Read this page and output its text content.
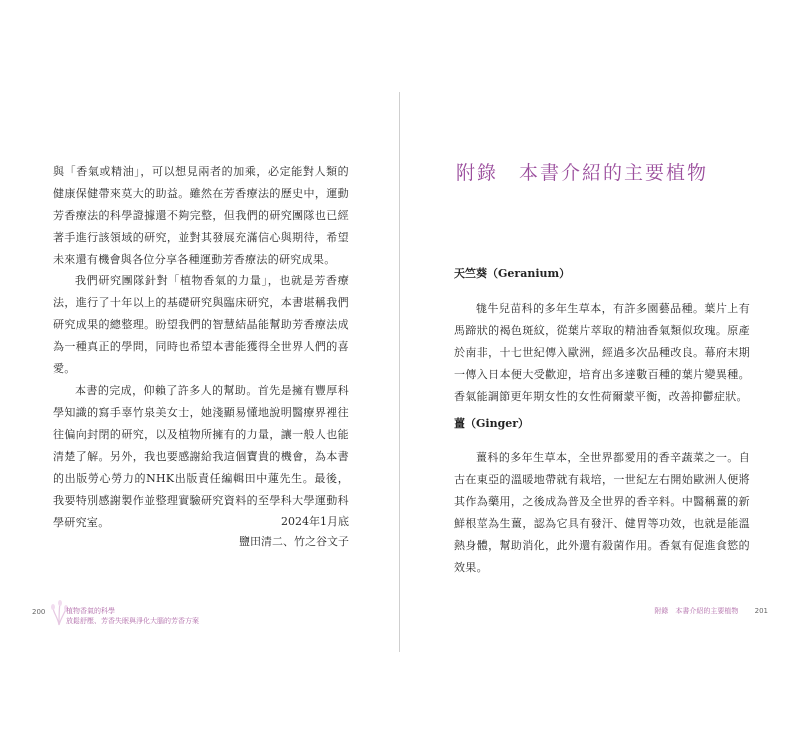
與「香氣或精油」，可以想見兩者的加乘，必定能對人類的健康保健帶來莫大的助益。雖然在芳香療法的歷史中，運動芳香療法的科學證據還不夠完整，但我們的研究團隊也已經著手進行該領域的研究，並對其發展充滿信心與期待，希望未來還有機會與各位分享各種運動芳香療法的研究成果。

我們研究團隊針對「植物香氣的力量」，也就是芳香療法，進行了十年以上的基礎研究與臨床研究，本書堪稱我們研究成果的總整理。盼望我們的智慧結晶能幫助芳香療法成為一種真正的學問，同時也希望本書能獲得全世界人們的喜愛。

本書的完成，仰賴了許多人的幫助。首先是擁有豐厚科學知識的寫手辜竹泉美女士，她淺顯易懂地說明醫療界裡往往偏向封閉的研究，以及植物所擁有的力量，讓一般人也能清楚了解。另外，我也要感謝給我這個寶貴的機會，為本書的出版勞心勞力的NHK出版責任編輯田中蓮先生。最後，我要特別感謝製作並整理實驗研究資料的至學科大學運動科學研究室。	2024年1月底
鹽田清二、竹之谷文子
200	植物香氣的科學
放鬆舒壓、芳香失眠與淨化大腦的芳香方案
附錄　本書介紹的主要植物
天竺葵（Geranium）

牻牛兒苗科的多年生草本，有許多園藝品種。葉片上有馬蹄狀的褐色斑紋，從葉片萃取的精油香氣類似玫瑰。原產於南非，十七世紀傳入歐洲，經過多次品種改良。幕府末期一傳入日本便大受歡迎，培育出多達數百種的葉片變異種。香氣能調節更年期女性的女性荷爾蒙平衡，改善抑鬱症狀。

薑（Ginger）

薑科的多年生草本，全世界都愛用的香辛蔬菜之一。自古在東亞的溫暖地帶就有栽培，一世紀左右開始歐洲人便將其作為藥用，之後成為普及全世界的香辛料。中醫稱薑的新鮮根莖為生薑，認為它具有發汗、健胃等功效，也就是能溫熱身體，幫助消化，此外還有殺菌作用。香氣有促進食慾的效果。

附錄　本書介紹的主要植物 201
